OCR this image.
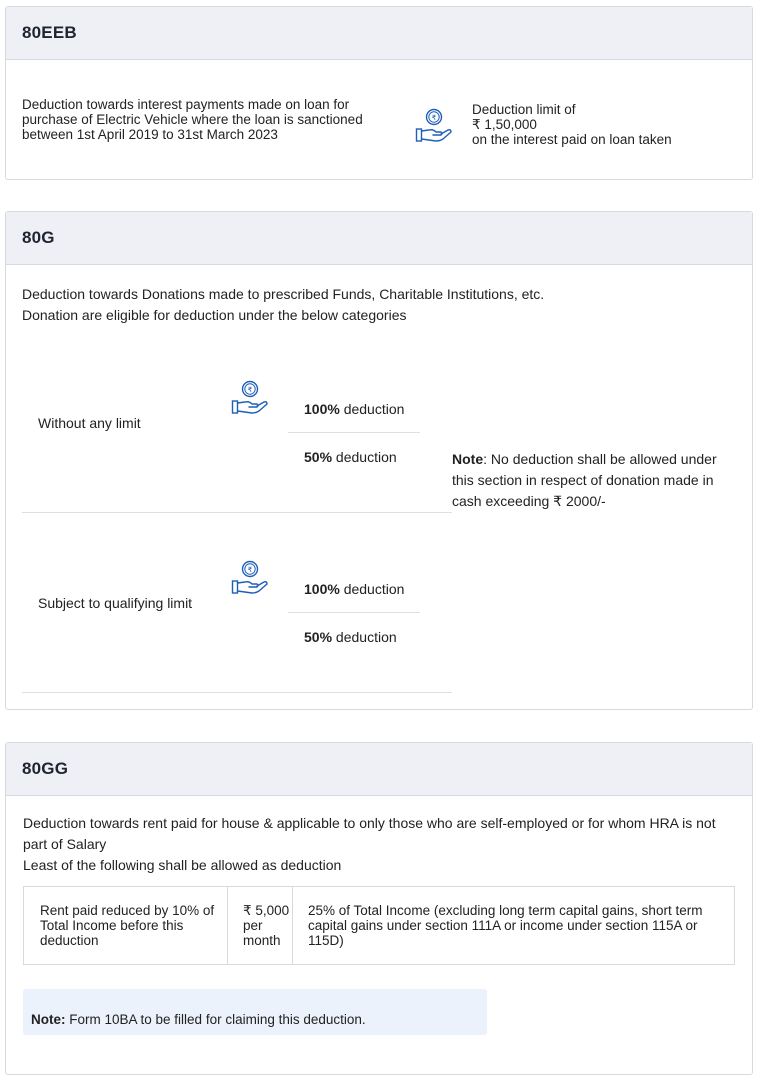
80EEB
Deduction towards interest payments made on loan for purchase of Electric Vehicle where the loan is sanctioned between 1st April 2019 to 31st March 2023
₹
Deduction limit of
₹ 1,50,000
on the interest paid on loan taken
80G
Deduction towards Donations made to prescribed Funds, Charitable Institutions, etc.
Donation are eligible for deduction under the below categories
Without any limit
₹
100% deduction
50% deduction
Subject to qualifying limit
₹
100% deduction
50% deduction
Note: No deduction shall be allowed under this section in respect of donation made in cash exceeding ₹ 2000/-
80GG
Deduction towards rent paid for house & applicable to only those who are self-employed or for whom HRA is not part of Salary
Least of the following shall be allowed as deduction
Rent paid reduced by 10% of Total Income before this deduction
₹ 5,000 per month
25% of Total Income (excluding long term capital gains, short term capital gains under section 111A or income under section 115A or 115D)
Note: Form 10BA to be filled for claiming this deduction.
